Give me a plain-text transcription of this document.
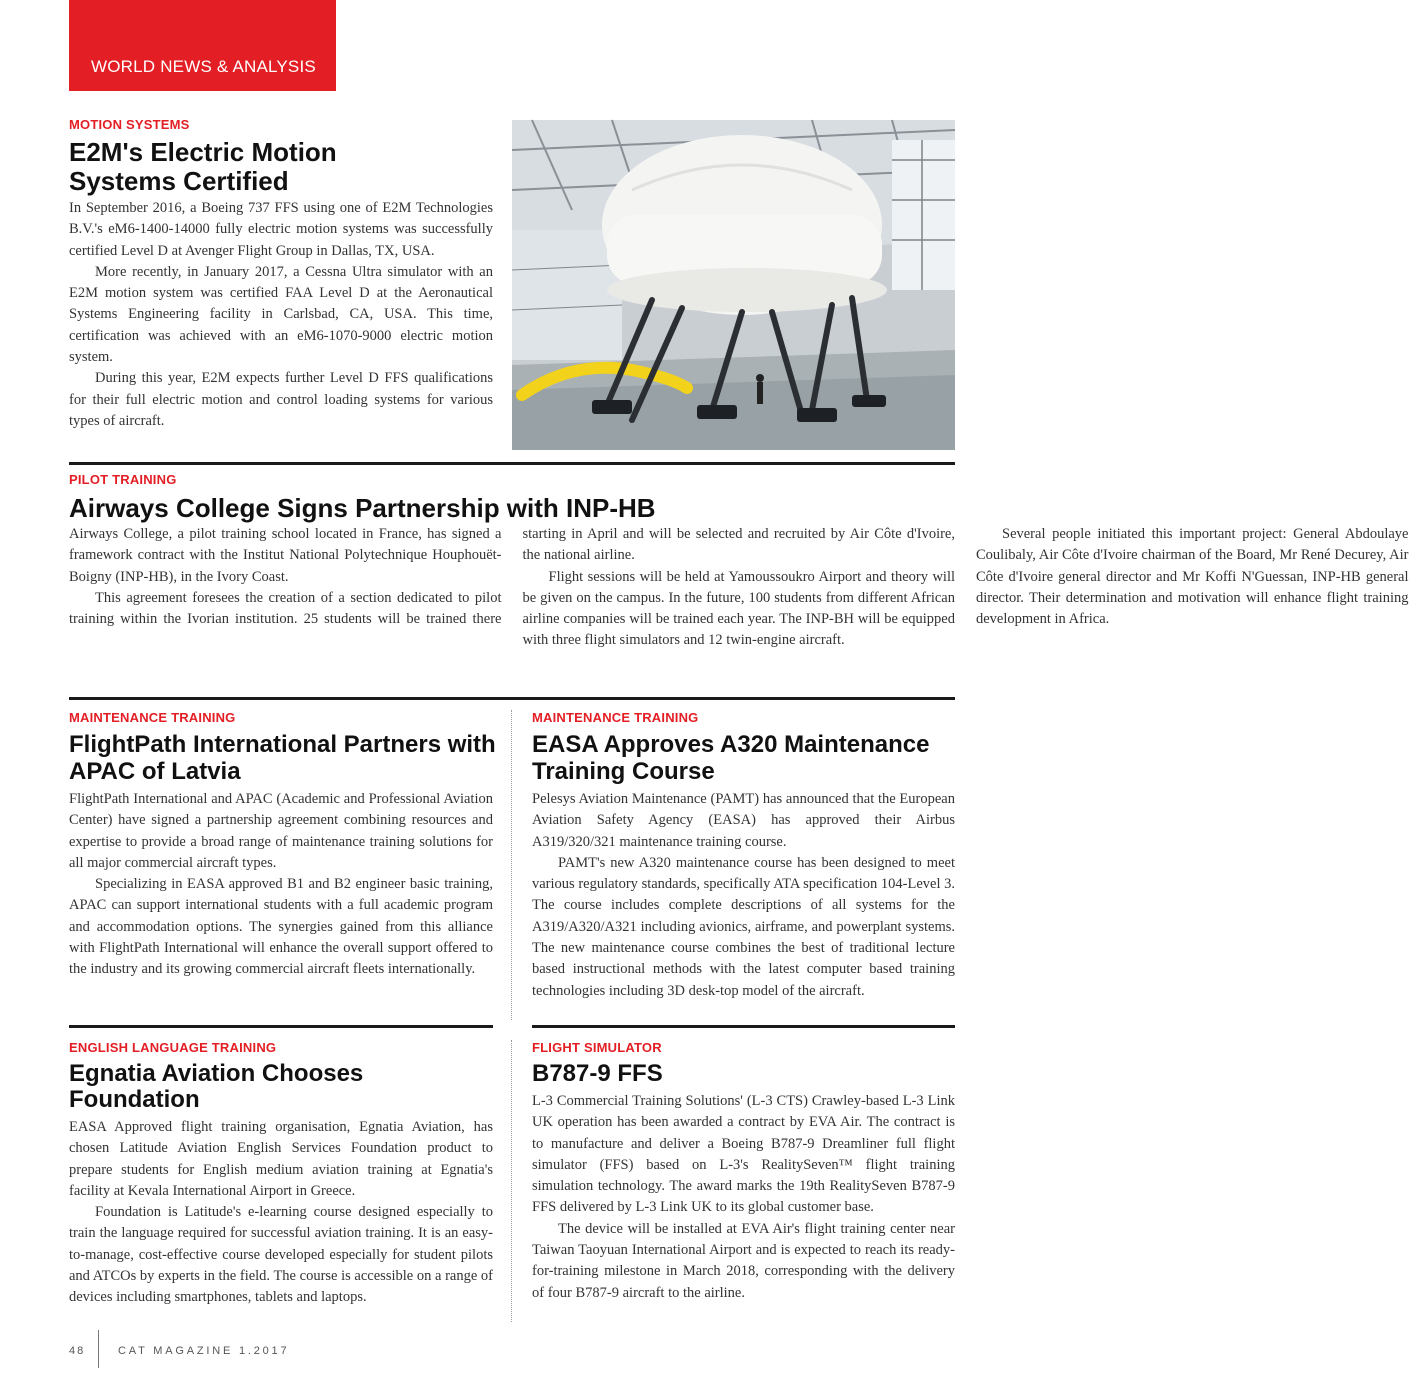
WORLD NEWS & ANALYSIS
MOTION SYSTEMS
E2M's Electric Motion Systems Certified

In September 2016, a Boeing 737 FFS using one of E2M Technologies B.V.'s eM6-1400-14000 fully electric motion systems was successfully certified Level D at Avenger Flight Group in Dallas, TX, USA.

More recently, in January 2017, a Cessna Ultra simulator with an E2M motion system was certified FAA Level D at the Aeronautical Systems Engineering facility in Carlsbad, CA, USA. This time, certification was achieved with an eM6-1070-9000 electric motion system.

During this year, E2M expects further Level D FFS qualifications for their full electric motion and control loading systems for various types of aircraft.

PILOT TRAINING
Airways College Signs Partnership with INP-HB

Airways College, a pilot training school located in France, has signed a framework contract with the Institut National Polytechnique Houphouët-Boigny (INP-HB), in the Ivory Coast.

This agreement foresees the creation of a section dedicated to pilot training within the Ivorian institution. 25 students will be trained there starting in April and will be selected and recruited by Air Côte d'Ivoire, the national airline.

Flight sessions will be held at Yamoussoukro Airport and theory will be given on the campus. In the future, 100 students from different African airline companies will be trained each year. The INP-BH will be equipped with three flight simulators and 12 twin-engine aircraft.

Several people initiated this important project: General Abdoulaye Coulibaly, Air Côte d'Ivoire chairman of the Board, Mr René Decurey, Air Côte d'Ivoire general director and Mr Koffi N'Guessan, INP-HB general director. Their determination and motivation will enhance flight training development in Africa.

MAINTENANCE TRAINING
FlightPath International Partners with APAC of Latvia

FlightPath International and APAC (Academic and Professional Aviation Center) have signed a partnership agreement combining resources and expertise to provide a broad range of maintenance training solutions for all major commercial aircraft types.

Specializing in EASA approved B1 and B2 engineer basic training, APAC can support international students with a full academic program and accommodation options. The synergies gained from this alliance with FlightPath International will enhance the overall support offered to the industry and its growing commercial aircraft fleets internationally.

MAINTENANCE TRAINING
EASA Approves A320 Maintenance Training Course

Pelesys Aviation Maintenance (PAMT) has announced that the European Aviation Safety Agency (EASA) has approved their Airbus A319/320/321 maintenance training course.

PAMT's new A320 maintenance course has been designed to meet various regulatory standards, specifically ATA specification 104-Level 3. The course includes complete descriptions of all systems for the A319/A320/A321 including avionics, airframe, and powerplant systems. The new maintenance course combines the best of traditional lecture based instructional methods with the latest computer based training technologies including 3D desk-top model of the aircraft.

ENGLISH LANGUAGE TRAINING
Egnatia Aviation Chooses Foundation

EASA Approved flight training organisation, Egnatia Aviation, has chosen Latitude Aviation English Services Foundation product to prepare students for English medium aviation training at Egnatia's facility at Kevala International Airport in Greece.

Foundation is Latitude's e-learning course designed especially to train the language required for successful aviation training. It is an easy-to-manage, cost-effective course developed especially for student pilots and ATCOs by experts in the field. The course is accessible on a range of devices including smartphones, tablets and laptops.

FLIGHT SIMULATOR
B787-9 FFS

L-3 Commercial Training Solutions' (L-3 CTS) Crawley-based L-3 Link UK operation has been awarded a contract by EVA Air. The contract is to manufacture and deliver a Boeing B787-9 Dreamliner full flight simulator (FFS) based on L-3's RealitySeven™ flight training simulation technology. The award marks the 19th RealitySeven B787-9 FFS delivered by L-3 Link UK to its global customer base.

The device will be installed at EVA Air's flight training center near Taiwan Taoyuan International Airport and is expected to reach its ready-for-training milestone in March 2018, corresponding with the delivery of four B787-9 aircraft to the airline.

48	CAT MAGAZINE 1.2017
